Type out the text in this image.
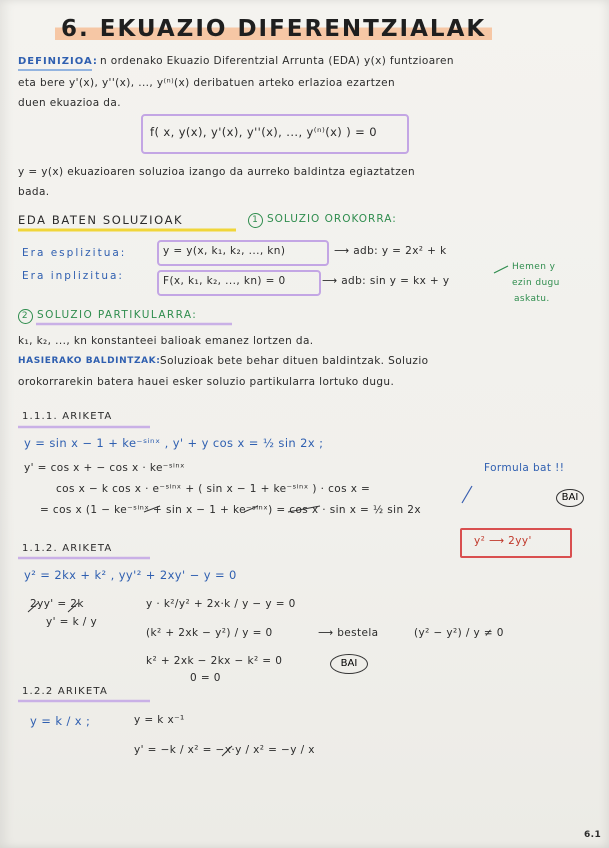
6. EKUAZIO DIFERENTZIALAK
DEFINIZIOA: n ordenako Ekuazio Diferentzial Arrunta (EDA) y(x) funtzioaren
eta bere y'(x), y''(x), ..., y⁽ⁿ⁾(x) deribatuen arteko erlazioa ezartzen
duen ekuazioa da.
f( x, y(x), y'(x), y''(x), ..., y⁽ⁿ⁾(x) ) = 0
y = y(x) ekuazioaren soluzioa izango da aurreko baldintza egiaztatzen
bada.
EDA BATEN SOLUZIOAK	1 SOLUZIO OROKORRA:
Era esplizitua:	y = y(x, k₁, k₂, ..., kn)	⟶ adb: y = 2x² + k
Era inplizitua:	F(x, k₁, k₂, ..., kn) = 0	⟶ adb: sin y = kx + y
Hemen y
ezin dugu
askatu.
2 SOLUZIO PARTIKULARRA:
k₁, k₂, ..., kn konstanteei balioak emanez lortzen da.
HASIERAKO BALDINTZAK: Soluzioak bete behar dituen baldintzak. Soluzio
orokorrarekin batera hauei esker soluzio partikularra lortuko dugu.
1.1.1. ARIKETA
y = sin x − 1 + ke⁻ˢⁱⁿˣ , y' + y cos x = ½ sin 2x ;
y' = cos x + − cos x · ke⁻ˢⁱⁿˣ
cos x − k cos x · e⁻ˢⁱⁿˣ + ( sin x − 1 + ke⁻ˢⁱⁿˣ ) · cos x =
= cos x (1 − ke⁻ˢⁱⁿˣ + sin x − 1 + ke⁻ˢⁱⁿˣ) = cos x · sin x = ½ sin 2x
Formula bat !!
BAI
1.1.2. ARIKETA
y² ⟶ 2yy'
y² = 2kx + k² , yy'² + 2xy' − y = 0
2yy' = 2k
y' = k / y
y · k²/y² + 2x·k / y − y = 0
(k² + 2xk − y²) / y = 0	⟶ bestela	(y² − y²) / y ≠ 0
k² + 2xk − 2kx − k² = 0
0 = 0
BAI
1.2.2 ARIKETA
y = k / x ;	y = k x⁻¹
y' = −k / x² = −x·y / x² = −y / x
6.1
